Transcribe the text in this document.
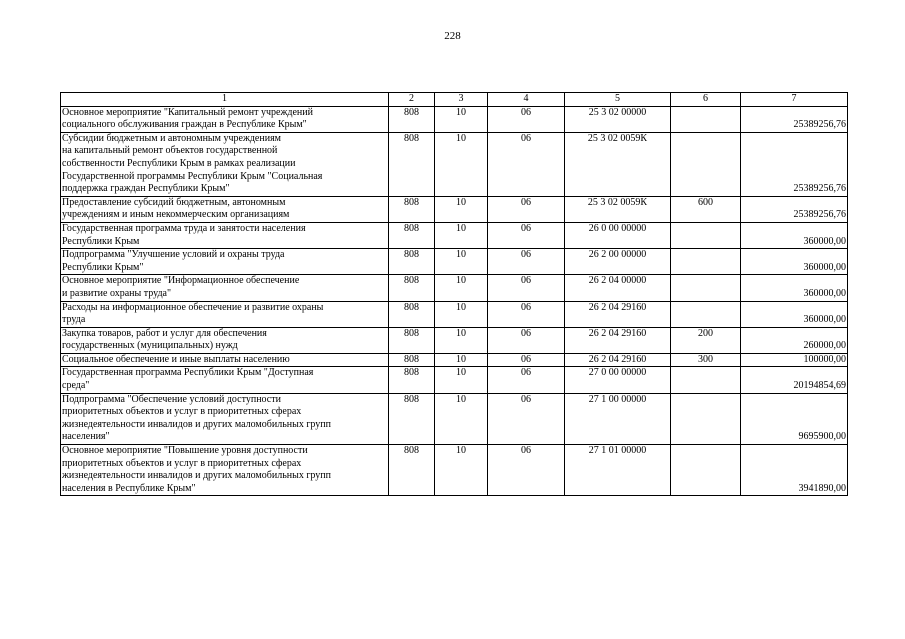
228
1	2	3	4	5	6	7
Основное мероприятие "Капитальный ремонт учреждений
социального обслуживания граждан в Республике Крым"	808	10	06	25 3 02 00000		25389256,76
Субсидии бюджетным и автономным учреждениям
на капитальный ремонт объектов государственной
собственности Республики Крым в рамках реализации
Государственной программы Республики Крым "Социальная
поддержка граждан Республики Крым"	808	10	06	25 3 02 0059К		25389256,76
Предоставление субсидий бюджетным, автономным
учреждениям и иным некоммерческим организациям	808	10	06	25 3 02 0059К	600	25389256,76
Государственная программа труда и занятости населения
Республики Крым	808	10	06	26 0 00 00000		360000,00
Подпрограмма "Улучшение условий и охраны труда
Республики Крым"	808	10	06	26 2 00 00000		360000,00
Основное мероприятие "Информационное обеспечение
и развитие охраны труда"	808	10	06	26 2 04 00000		360000,00
Расходы на информационное обеспечение и развитие охраны
труда	808	10	06	26 2 04 29160		360000,00
Закупка товаров, работ и услуг для обеспечения
государственных (муниципальных) нужд	808	10	06	26 2 04 29160	200	260000,00
Социальное обеспечение и иные выплаты населению	808	10	06	26 2 04 29160	300	100000,00
Государственная программа Республики Крым "Доступная
среда"	808	10	06	27 0 00 00000		20194854,69
Подпрограмма "Обеспечение условий доступности
приоритетных объектов и услуг в приоритетных сферах
жизнедеятельности инвалидов и других маломобильных групп
населения"	808	10	06	27 1 00 00000		9695900,00
Основное мероприятие "Повышение уровня доступности
приоритетных объектов и услуг в приоритетных сферах
жизнедеятельности инвалидов и других маломобильных групп
населения в Республике Крым"	808	10	06	27 1 01 00000		3941890,00
